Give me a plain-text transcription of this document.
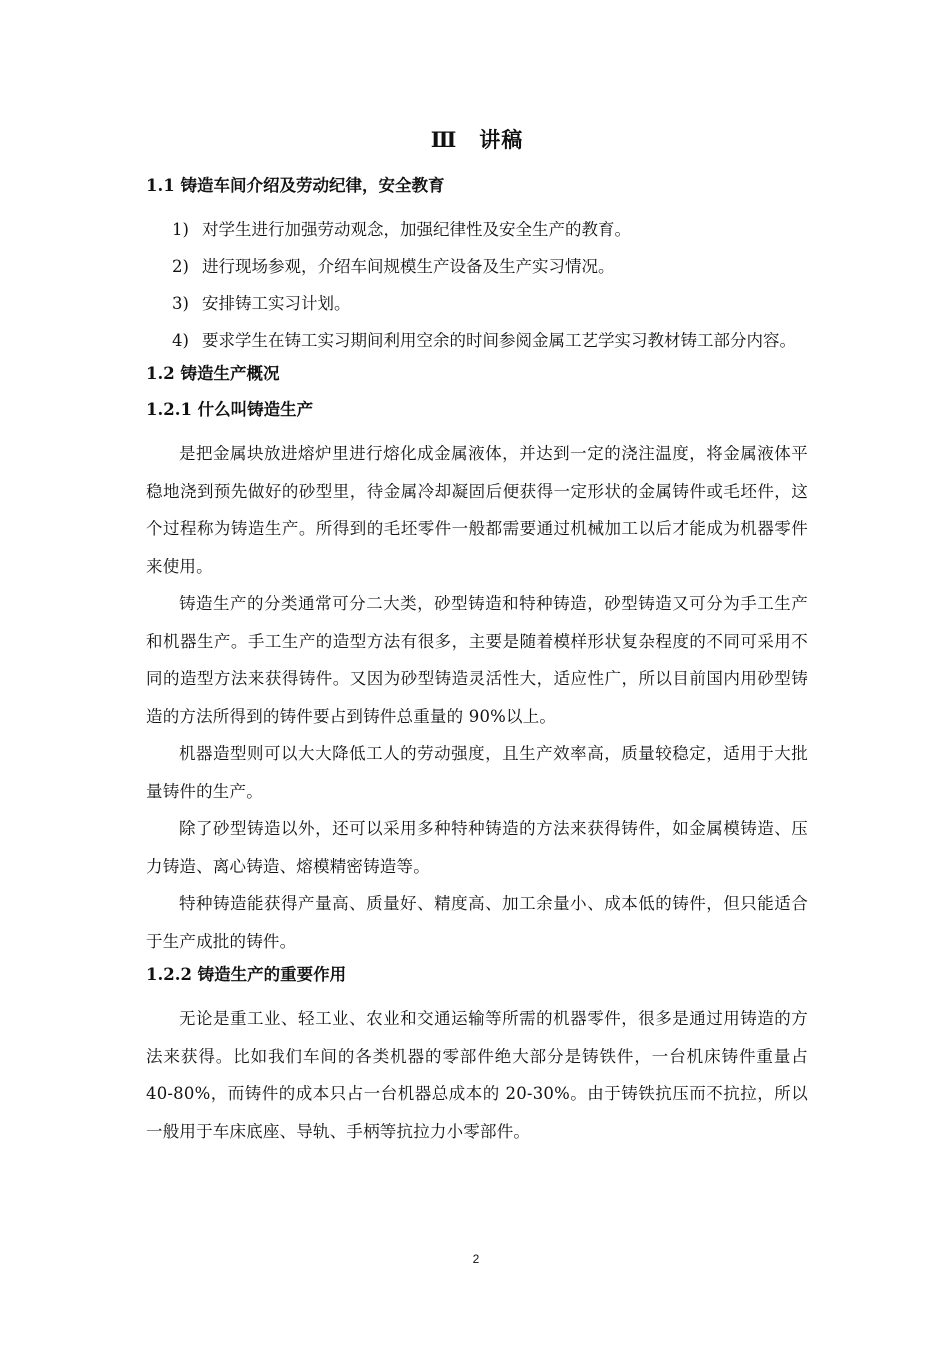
Ⅲ 讲稿
1.1 铸造车间介绍及劳动纪律，安全教育
1) 对学生进行加强劳动观念，加强纪律性及安全生产的教育。
2) 进行现场参观，介绍车间规模生产设备及生产实习情况。
3) 安排铸工实习计划。
4) 要求学生在铸工实习期间利用空余的时间参阅金属工艺学实习教材铸工部分内容。
1.2 铸造生产概况
1.2.1 什么叫铸造生产

是把金属块放进熔炉里进行熔化成金属液体，并达到一定的浇注温度，将金属液体平稳地浇到预先做好的砂型里，待金属冷却凝固后便获得一定形状的金属铸件或毛坯件，这个过程称为铸造生产。所得到的毛坯零件一般都需要通过机械加工以后才能成为机器零件来使用。

铸造生产的分类通常可分二大类，砂型铸造和特种铸造，砂型铸造又可分为手工生产和机器生产。手工生产的造型方法有很多，主要是随着模样形状复杂程度的不同可采用不同的造型方法来获得铸件。又因为砂型铸造灵活性大，适应性广，所以目前国内用砂型铸造的方法所得到的铸件要占到铸件总重量的 90%以上。

机器造型则可以大大降低工人的劳动强度，且生产效率高，质量较稳定，适用于大批量铸件的生产。

除了砂型铸造以外，还可以采用多种特种铸造的方法来获得铸件，如金属模铸造、压力铸造、离心铸造、熔模精密铸造等。

特种铸造能获得产量高、质量好、精度高、加工余量小、成本低的铸件，但只能适合于生产成批的铸件。

1.2.2 铸造生产的重要作用

无论是重工业、轻工业、农业和交通运输等所需的机器零件，很多是通过用铸造的方法来获得。比如我们车间的各类机器的零部件绝大部分是铸铁件，一台机床铸件重量占 40-80%，而铸件的成本只占一台机器总成本的 20-30%。由于铸铁抗压而不抗拉，所以一般用于车床底座、导轨、手柄等抗拉力小零部件。

2
